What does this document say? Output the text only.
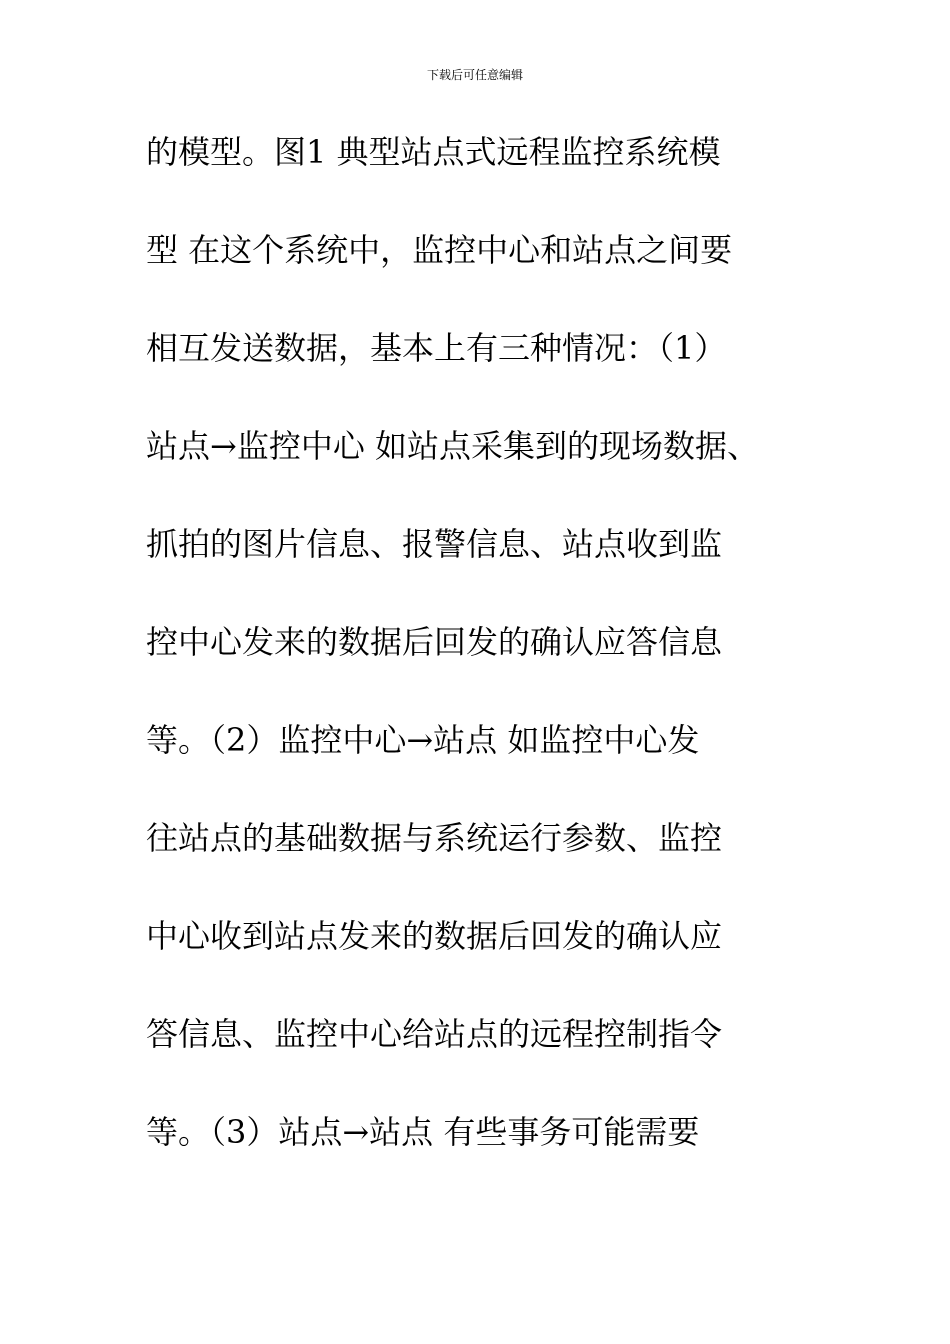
下载后可任意编辑
的模型。图1 典型站点式远程监控系统模
型 在这个系统中，监控中心和站点之间要
相互发送数据，基本上有三种情况：（1）
站点→监控中心 如站点采集到的现场数据、
抓拍的图片信息、报警信息、站点收到监
控中心发来的数据后回发的确认应答信息
等。（2）监控中心→站点 如监控中心发
往站点的基础数据与系统运行参数、监控
中心收到站点发来的数据后回发的确认应
答信息、监控中心给站点的远程控制指令
等。（3）站点→站点 有些事务可能需要
